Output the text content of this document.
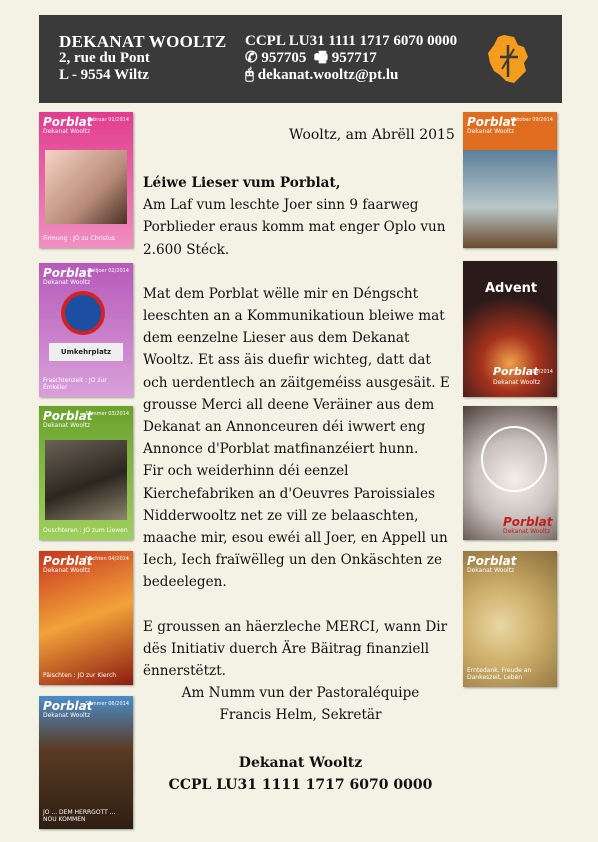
DEKANAT WOOLTZ
2, rue du Pont
L - 9554 Wiltz
CCPL LU31 1111 1717 6070 0000
✆ 957705 🖷 957717
🖰 dekanat.wooltz@pt.lu
Porblat
Dekanat Wooltz
Februar 01/2014
Firmung : JO zu Christus
Porblat
Dekanat Wooltz
Fréijoer 02/2014
Umkehrplatz
Fraschtenzeit : JO zur Ëmkéier
Porblat
Dekanat Wooltz
Summer 03/2014
Ouschteren : JO zum Liewen
Porblat
Dekanat Wooltz
Fréchten 04/2014
Päischten : JO zur Kierch
Porblat
Dekanat Wooltz
Summer 06/2014
JO ... DEM HERRGOTT ... NOU KOMMEN
Porblat
Dekanat Wooltz
Oktober 09/2014
Advent
Porblat
Dekanat Wooltz
10/2014
Porblat
Dekanat Wooltz
Porblat
Dekanat Wooltz
Erntedank, Freude an Dankeszeit, Leben
Wooltz, am Abrëll 2015

Léiwe Lieser vum Porblat,

Am Laf vum leschte Joer sinn 9 faarweg Porblieder eraus komm mat enger Oplo vun 2.600 Stéck.

Mat dem Porblat wëlle mir en Déngscht leeschten an a Kommunikatioun bleiwe mat dem eenzelne Lieser aus dem Dekanat Wooltz. Et ass äis duefir wichteg, datt dat och uerdentlech an zäitgeméiss ausgesäit. E grousse Merci all deene Veräiner aus dem Dekanat an Annonceuren déi iwwert eng Annonce d'Porblat matfinanzéiert hunn.

Fir och weiderhinn déi eenzel Kierchefabriken an d'Oeuvres Paroissiales Nidderwooltz net ze vill ze belaaschten, maache mir, esou ewéi all Joer, en Appell un Iech, Iech fraïwëlleg un den Onkäschten ze bedeelegen.

E groussen an häerzleche MERCI, wann Dir dës Initiativ duerch Äre Bäitrag finanziell ënnerstëtzt.

Am Numm vun der Pastoraléquipe

Francis Helm, Sekretär

Dekanat Wooltz
CCPL LU31 1111 1717 6070 0000
